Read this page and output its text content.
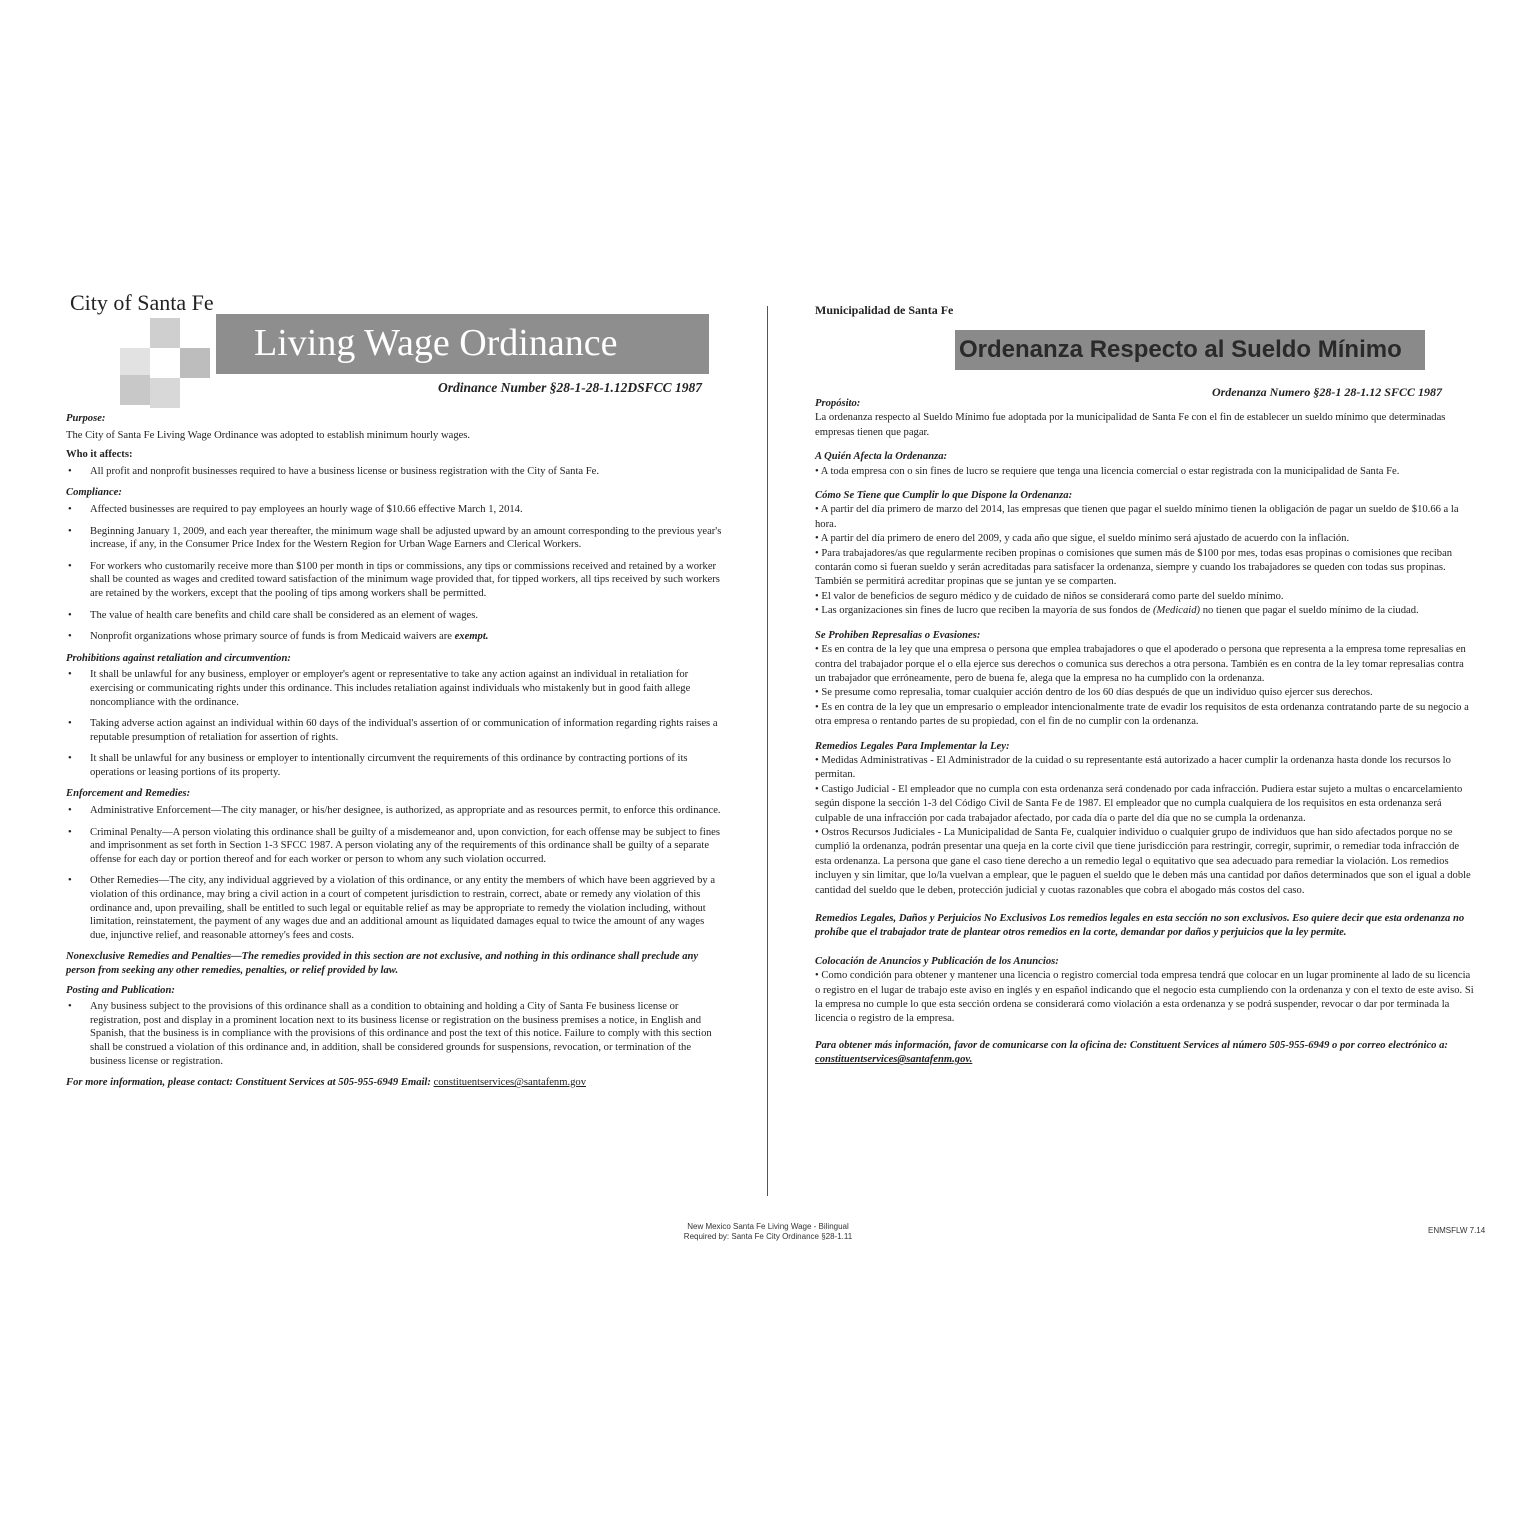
City of Santa Fe
Living Wage Ordinance
Ordinance Number §28-1-28-1.12DSFCC 1987
Purpose:
The City of Santa Fe Living Wage Ordinance was adopted to establish minimum hourly wages.
Who it affects:
• All profit and nonprofit businesses required to have a business license or business registration with the City of Santa Fe.
Compliance:
• Affected businesses are required to pay employees an hourly wage of $10.66 effective March 1, 2014.
• Beginning January 1, 2009, and each year thereafter, the minimum wage shall be adjusted upward by an amount corresponding to the previous year's increase, if any, in the Consumer Price Index for the Western Region for Urban Wage Earners and Clerical Workers.
• For workers who customarily receive more than $100 per month in tips or commissions, any tips or commissions received and retained by a worker shall be counted as wages and credited toward satisfaction of the minimum wage provided that, for tipped workers, all tips received by such workers are retained by the workers, except that the pooling of tips among workers shall be permitted.
• The value of health care benefits and child care shall be considered as an element of wages.
• Nonprofit organizations whose primary source of funds is from Medicaid waivers are exempt.
Prohibitions against retaliation and circumvention:
• It shall be unlawful for any business, employer or employer's agent or representative to take any action against an individual in retaliation for exercising or communicating rights under this ordinance. This includes retaliation against individuals who mistakenly but in good faith allege noncompliance with the ordinance.
• Taking adverse action against an individual within 60 days of the individual's assertion of or communication of information regarding rights raises a reputable presumption of retaliation for assertion of rights.
• It shall be unlawful for any business or employer to intentionally circumvent the requirements of this ordinance by contracting portions of its operations or leasing portions of its property.
Enforcement and Remedies:
• Administrative Enforcement—The city manager, or his/her designee, is authorized, as appropriate and as resources permit, to enforce this ordinance.
• Criminal Penalty—A person violating this ordinance shall be guilty of a misdemeanor and, upon conviction, for each offense may be subject to fines and imprisonment as set forth in Section 1-3 SFCC 1987. A person violating any of the requirements of this ordinance shall be guilty of a separate offense for each day or portion thereof and for each worker or person to whom any such violation occurred.
• Other Remedies—The city, any individual aggrieved by a violation of this ordinance, or any entity the members of which have been aggrieved by a violation of this ordinance, may bring a civil action in a court of competent jurisdiction to restrain, correct, abate or remedy any violation of this ordinance and, upon prevailing, shall be entitled to such legal or equitable relief as may be appropriate to remedy the violation including, without limitation, reinstatement, the payment of any wages due and an additional amount as liquidated damages equal to twice the amount of any wages due, injunctive relief, and reasonable attorney's fees and costs.
Nonexclusive Remedies and Penalties—The remedies provided in this section are not exclusive, and nothing in this ordinance shall preclude any person from seeking any other remedies, penalties, or relief provided by law.
Posting and Publication:
• Any business subject to the provisions of this ordinance shall as a condition to obtaining and holding a City of Santa Fe business license or registration, post and display in a prominent location next to its business license or registration on the business premises a notice, in English and Spanish, that the business is in compliance with the provisions of this ordinance and post the text of this notice. Failure to comply with this section shall be construed a violation of this ordinance and, in addition, shall be considered grounds for suspensions, revocation, or termination of the business license or registration.
For more information, please contact: Constituent Services at 505-955-6949 Email: constituentservices@santafenm.gov
Municipalidad de Santa Fe
Ordenanza Respecto al Sueldo Mínimo
Ordenanza Numero §28-1 28-1.12 SFCC 1987
Propósito:
La ordenanza respecto al Sueldo Mínimo fue adoptada por la municipalidad de Santa Fe con el fin de establecer un sueldo mínimo que determinadas empresas tienen que pagar.
A Quién Afecta la Ordenanza:
• A toda empresa con o sin fines de lucro se requiere que tenga una licencia comercial o estar registrada con la municipalidad de Santa Fe.
Cómo Se Tiene que Cumplir lo que Dispone la Ordenanza:
• A partir del día primero de marzo del 2014, las empresas que tienen que pagar el sueldo mínimo tienen la obligación de pagar un sueldo de $10.66 a la hora.
• A partir del día primero de enero del 2009, y cada año que sigue, el sueldo mínimo será ajustado de acuerdo con la inflación.
• Para trabajadores/as que regularmente reciben propinas o comisiones que sumen más de $100 por mes, todas esas propinas o comisiones que reciban contarán como si fueran sueldo y serán acreditadas para satisfacer la ordenanza, siempre y cuando los trabajadores se queden con todas sus propinas. También se permitirá acreditar propinas que se juntan ye se comparten.
• El valor de beneficios de seguro médico y de cuidado de niños se considerará como parte del sueldo mínimo.
• Las organizaciones sin fines de lucro que reciben la mayoría de sus fondos de (Medicaid) no tienen que pagar el sueldo mínimo de la ciudad.
Se Prohiben Represalias o Evasiones:
• Es en contra de la ley que una empresa o persona que emplea trabajadores o que el apoderado o persona que representa a la empresa tome represalias en contra del trabajador porque el o ella ejerce sus derechos o comunica sus derechos a otra persona. También es en contra de la ley tomar represalias contra un trabajador que erróneamente, pero de buena fe, alega que la empresa no ha cumplido con la ordenanza.
• Se presume como represalia, tomar cualquier acción dentro de los 60 días después de que un individuo quiso ejercer sus derechos.
• Es en contra de la ley que un empresario o empleador intencionalmente trate de evadir los requisitos de esta ordenanza contratando parte de su negocio a otra empresa o rentando partes de su propiedad, con el fin de no cumplir con la ordenanza.
Remedios Legales Para Implementar la Ley:
• Medidas Administrativas - El Administrador de la cuidad o su representante está autorizado a hacer cumplir la ordenanza hasta donde los recursos lo permitan.
• Castigo Judicial - El empleador que no cumpla con esta ordenanza será condenado por cada infracción. Pudiera estar sujeto a multas o encarcelamiento según dispone la sección 1-3 del Código Civil de Santa Fe de 1987. El empleador que no cumpla cualquiera de los requisitos en esta ordenanza será culpable de una infracción por cada trabajador afectado, por cada día o parte del día que no se cumpla la ordenanza.
• Ostros Recursos Judiciales - La Municipalidad de Santa Fe, cualquier individuo o cualquier grupo de individuos que han sido afectados porque no se cumplió la ordenanza, podrán presentar una queja en la corte civil que tiene jurisdicción para restringir, corregir, suprimir, o remediar toda infracción de esta ordenanza. La persona que gane el caso tiene derecho a un remedio legal o equitativo que sea adecuado para remediar la violación. Los remedios incluyen y sin limitar, que lo/la vuelvan a emplear, que le paguen el sueldo que le deben más una cantidad por daños determinados que son el igual a doble cantidad del sueldo que le deben, protección judicial y cuotas razonables que cobra el abogado más costos del caso.
Remedios Legales, Daños y Perjuicios No Exclusivos Los remedios legales en esta sección no son exclusivos. Eso quiere decir que esta ordenanza no prohíbe que el trabajador trate de plantear otros remedios en la corte, demandar por daños y perjuicios que la ley permite.
Colocación de Anuncios y Publicación de los Anuncios:
• Como condición para obtener y mantener una licencia o registro comercial toda empresa tendrá que colocar en un lugar prominente al lado de su licencia o registro en el lugar de trabajo este aviso en inglés y en español indicando que el negocio esta cumpliendo con la ordenanza y con el texto de este aviso. Si la empresa no cumple lo que esta sección ordena se considerará como violación a esta ordenanza y se podrá suspender, revocar o dar por terminada la licencia o registro de la empresa.
Para obtener más información, favor de comunicarse con la oficina de: Constituent Services al número 505-955-6949 o por correo electrónico a: constituentservices@santafenm.gov.
New Mexico Santa Fe Living Wage - Bilingual
Required by: Santa Fe City Ordinance §28-1.11
ENMSFLW 7.14
